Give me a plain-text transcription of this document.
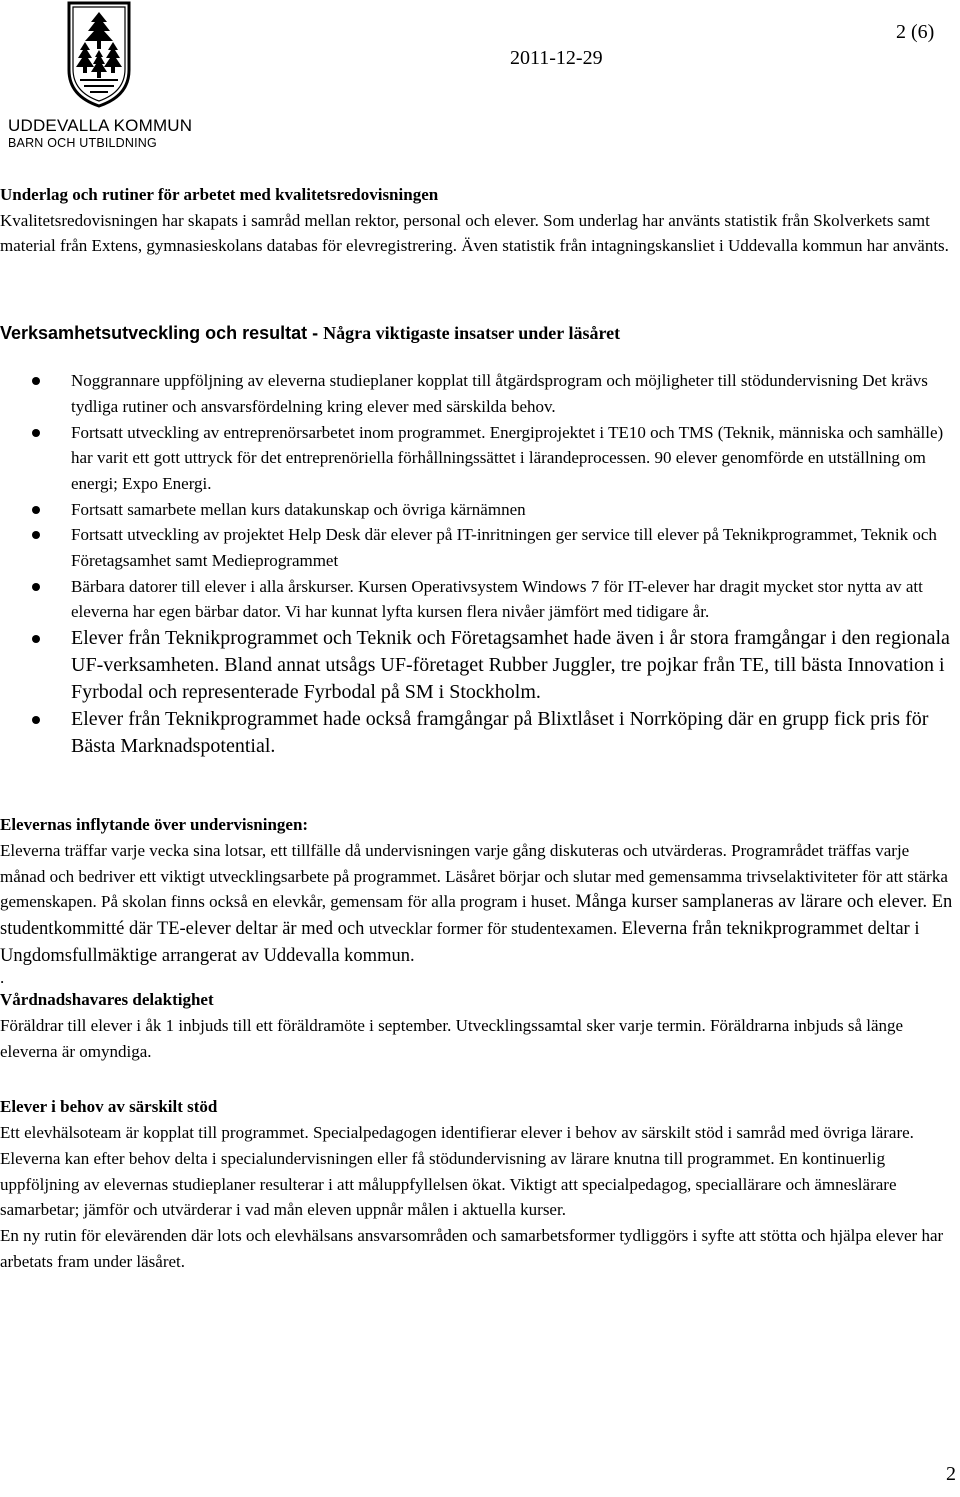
UDDEVALLA KOMMUN
BARN OCH UTBILDNING
2011-12-29
2 (6)

Underlag och rutiner för arbetet med kvalitetsredovisningen

Kvalitetsredovisningen har skapats i samråd mellan rektor, personal och elever. Som underlag har använts statistik från Skolverkets samt material från Extens, gymnasieskolans databas för elevregistrering. Även statistik från intagningskansliet i Uddevalla kommun har använts.

Verksamhetsutveckling och resultat - Några viktigaste insatser under läsåret

Noggrannare uppföljning av eleverna studieplaner kopplat till åtgärdsprogram och möjligheter till stödundervisning Det krävs tydliga rutiner och ansvarsfördelning kring elever med särskilda behov.
Fortsatt utveckling av entreprenörsarbetet inom programmet. Energiprojektet i TE10 och TMS (Teknik, människa och samhälle) har varit ett gott uttryck för det entreprenöriella förhållningssättet i lärandeprocessen. 90 elever genomförde en utställning om energi; Expo Energi.
Fortsatt samarbete mellan kurs datakunskap och övriga kärnämnen
Fortsatt utveckling av projektet Help Desk där elever på IT-inritningen ger service till elever på Teknikprogrammet, Teknik och Företagsamhet samt Medieprogrammet
Bärbara datorer till elever i alla årskurser. Kursen Operativsystem Windows 7 för IT-elever har dragit mycket stor nytta av att eleverna har egen bärbar dator. Vi har kunnat lyfta kursen flera nivåer jämfört med tidigare år.
Elever från Teknikprogrammet och Teknik och Företagsamhet hade även i år stora framgångar i den regionala UF-verksamheten. Bland annat utsågs UF-företaget Rubber Juggler, tre pojkar från TE, till bästa Innovation i Fyrbodal och representerade Fyrbodal på SM i Stockholm.
Elever från Teknikprogrammet hade också framgångar på Blixtlåset i Norrköping där en grupp fick pris för Bästa Marknadspotential.

Elevernas inflytande över undervisningen:

Eleverna träffar varje vecka sina lotsar, ett tillfälle då undervisningen varje gång diskuteras och utvärderas. Programrådet träffas varje månad och bedriver ett viktigt utvecklingsarbete på programmet. Läsåret börjar och slutar med gemensamma trivselaktiviteter för att stärka gemenskapen. På skolan finns också en elevkår, gemensam för alla program i huset. Många kurser samplaneras av lärare och elever. En studentkommitté där TE-elever deltar är med och utvecklar former för studentexamen. Eleverna från teknikprogrammet deltar i Ungdomsfullmäktige arrangerat av Uddevalla kommun.

.

Vårdnadshavares delaktighet

Föräldrar till elever i åk 1 inbjuds till ett föräldramöte i september. Utvecklingssamtal sker varje termin. Föräldrarna inbjuds så länge eleverna är omyndiga.

Elever i behov av särskilt stöd

Ett elevhälsoteam är kopplat till programmet. Specialpedagogen identifierar elever i behov av särskilt stöd i samråd med övriga lärare. Eleverna kan efter behov delta i specialundervisningen eller få stödundervisning av lärare knutna till programmet. En kontinuerlig uppföljning av elevernas studieplaner resulterar i att måluppfyllelsen ökat. Viktigt att specialpedagog, speciallärare och ämneslärare samarbetar; jämför och utvärderar i vad mån eleven uppnår målen i aktuella kurser.

En ny rutin för elevärenden där lots och elevhälsans ansvarsområden och samarbetsformer tydliggörs i syfte att stötta och hjälpa elever har arbetats fram under läsåret.

2
